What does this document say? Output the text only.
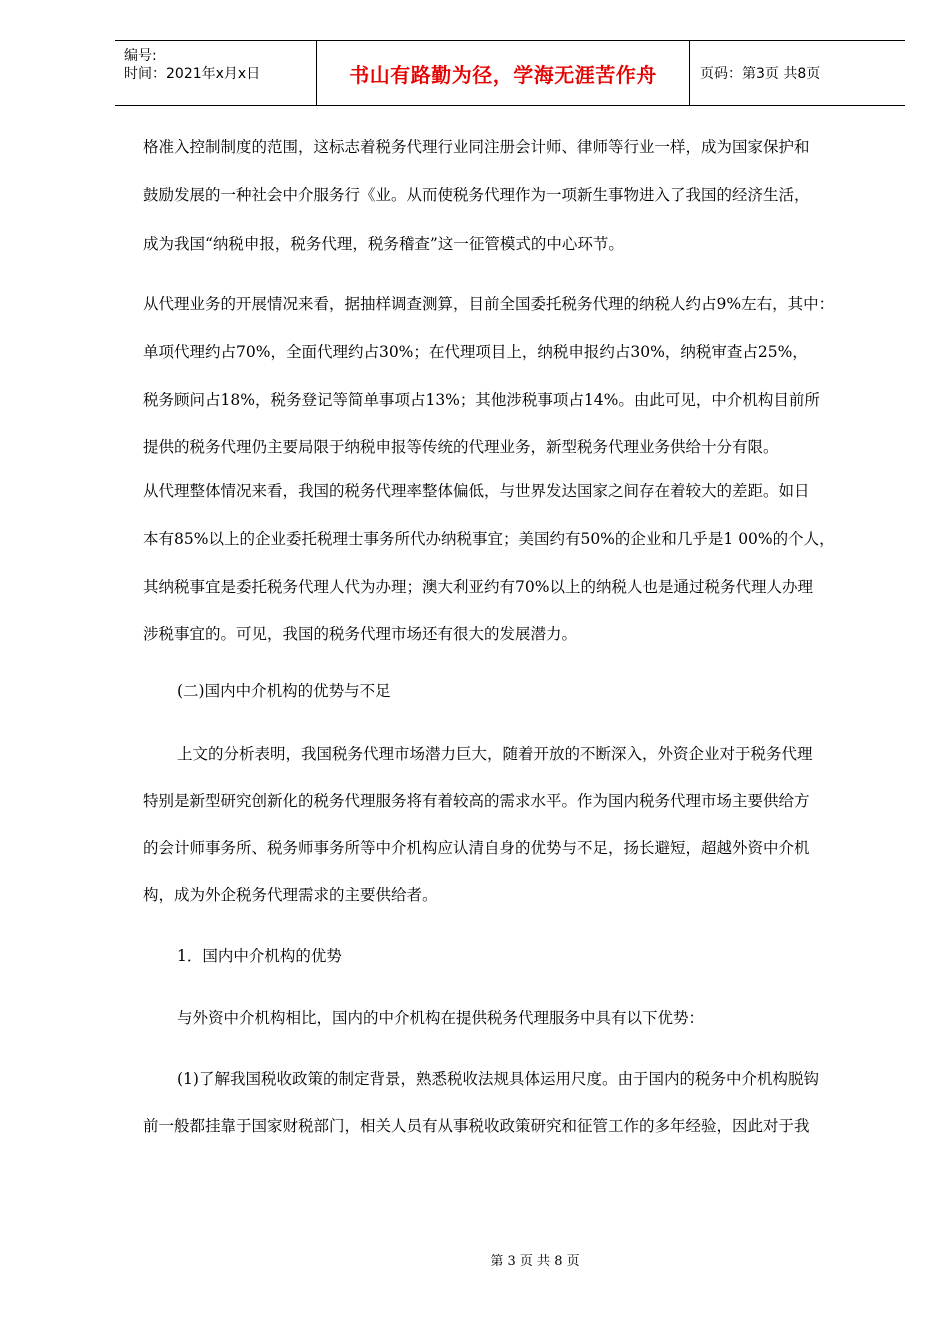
编号:
时间：2021年x月x日	书山有路勤为径，学海无涯苦作舟	页码：第3页 共8页
格准入控制制度的范围，这标志着税务代理行业同注册会计师、律师等行业一样，成为国家保护和
鼓励发展的一种社会中介服务行《业。从而使税务代理作为一项新生事物进入了我国的经济生活，
成为我国“纳税申报，税务代理，税务稽查”这一征管模式的中心环节。
从代理业务的开展情况来看，据抽样调查测算，目前全国委托税务代理的纳税人约占9%左右，其中：
单项代理约占70%，全面代理约占30%；在代理项目上，纳税申报约占30%，纳税审查占25%，
税务顾问占18%，税务登记等简单事项占13%；其他涉税事项占14%。由此可见，中介机构目前所
提供的税务代理仍主要局限于纳税申报等传统的代理业务，新型税务代理业务供给十分有限。
从代理整体情况来看，我国的税务代理率整体偏低，与世界发达国家之间存在着较大的差距。如日
本有85%以上的企业委托税理士事务所代办纳税事宜；美国约有50%的企业和几乎是1 00%的个人，
其纳税事宜是委托税务代理人代为办理；澳大利亚约有70%以上的纳税人也是通过税务代理人办理
涉税事宜的。可见，我国的税务代理市场还有很大的发展潜力。
(二)国内中介机构的优势与不足
上文的分析表明，我国税务代理市场潜力巨大，随着开放的不断深入，外资企业对于税务代理
特别是新型研究创新化的税务代理服务将有着较高的需求水平。作为国内税务代理市场主要供给方
的会计师事务所、税务师事务所等中介机构应认清自身的优势与不足，扬长避短，超越外资中介机
构，成为外企税务代理需求的主要供给者。
1．国内中介机构的优势
与外资中介机构相比，国内的中介机构在提供税务代理服务中具有以下优势：
(1)了解我国税收政策的制定背景，熟悉税收法规具体运用尺度。由于国内的税务中介机构脱钩
前一般都挂靠于国家财税部门，相关人员有从事税收政策研究和征管工作的多年经验，因此对于我
第 3 页 共 8 页
